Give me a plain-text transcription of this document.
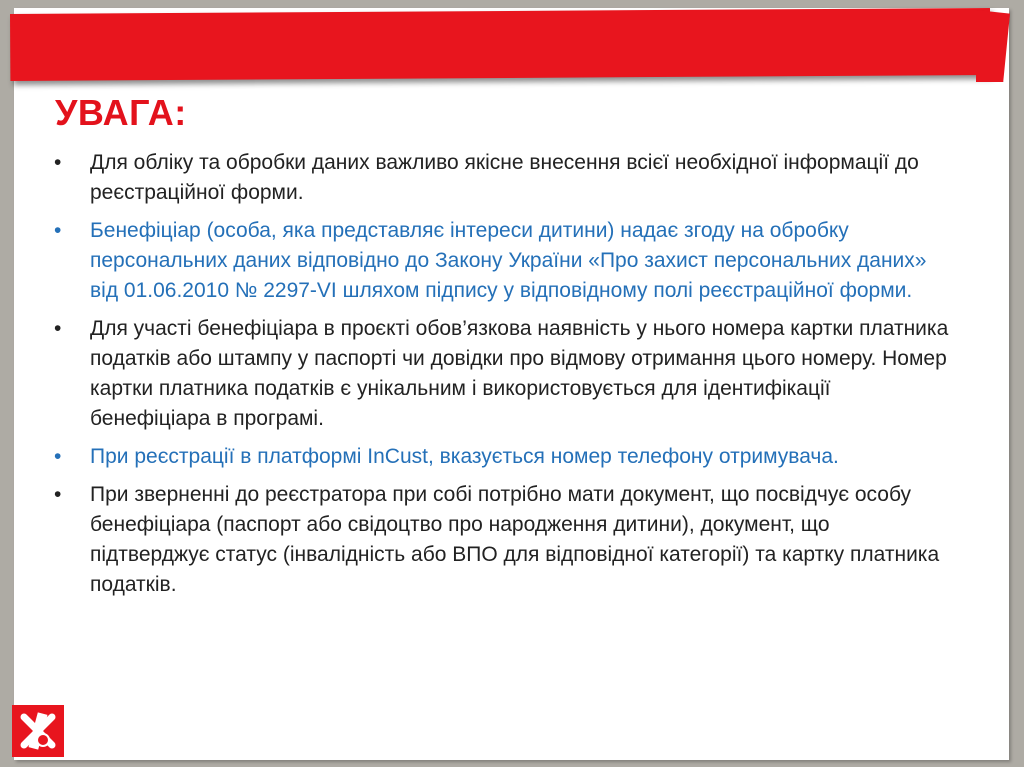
УВАГА:
• Для обліку та обробки даних важливо якісне внесення всієї необхідної інформації до реєстраційної форми.
• Бенефіціар (особа, яка представляє інтереси дитини) надає згоду на обробку персональних даних відповідно до Закону України «Про захист персональних даних» від 01.06.2010 № 2297-VI шляхом підпису у відповідному полі реєстраційної форми.
• Для участі бенефіціара в проєкті обов’язкова наявність у нього номера картки платника податків або штампу у паспорті чи довідки про відмову отримання цього номеру. Номер картки платника податків є унікальним і використовується для ідентифікації бенефіціара в програмі.
• При реєстрації в платформі InCust, вказується номер телефону отримувача.
• При зверненні до реєстратора при собі потрібно мати документ, що посвідчує особу бенефіціара (паспорт або свідоцтво про народження дитини), документ, що підтверджує статус (інвалідність або ВПО для відповідної категорії) та картку платника податків.
